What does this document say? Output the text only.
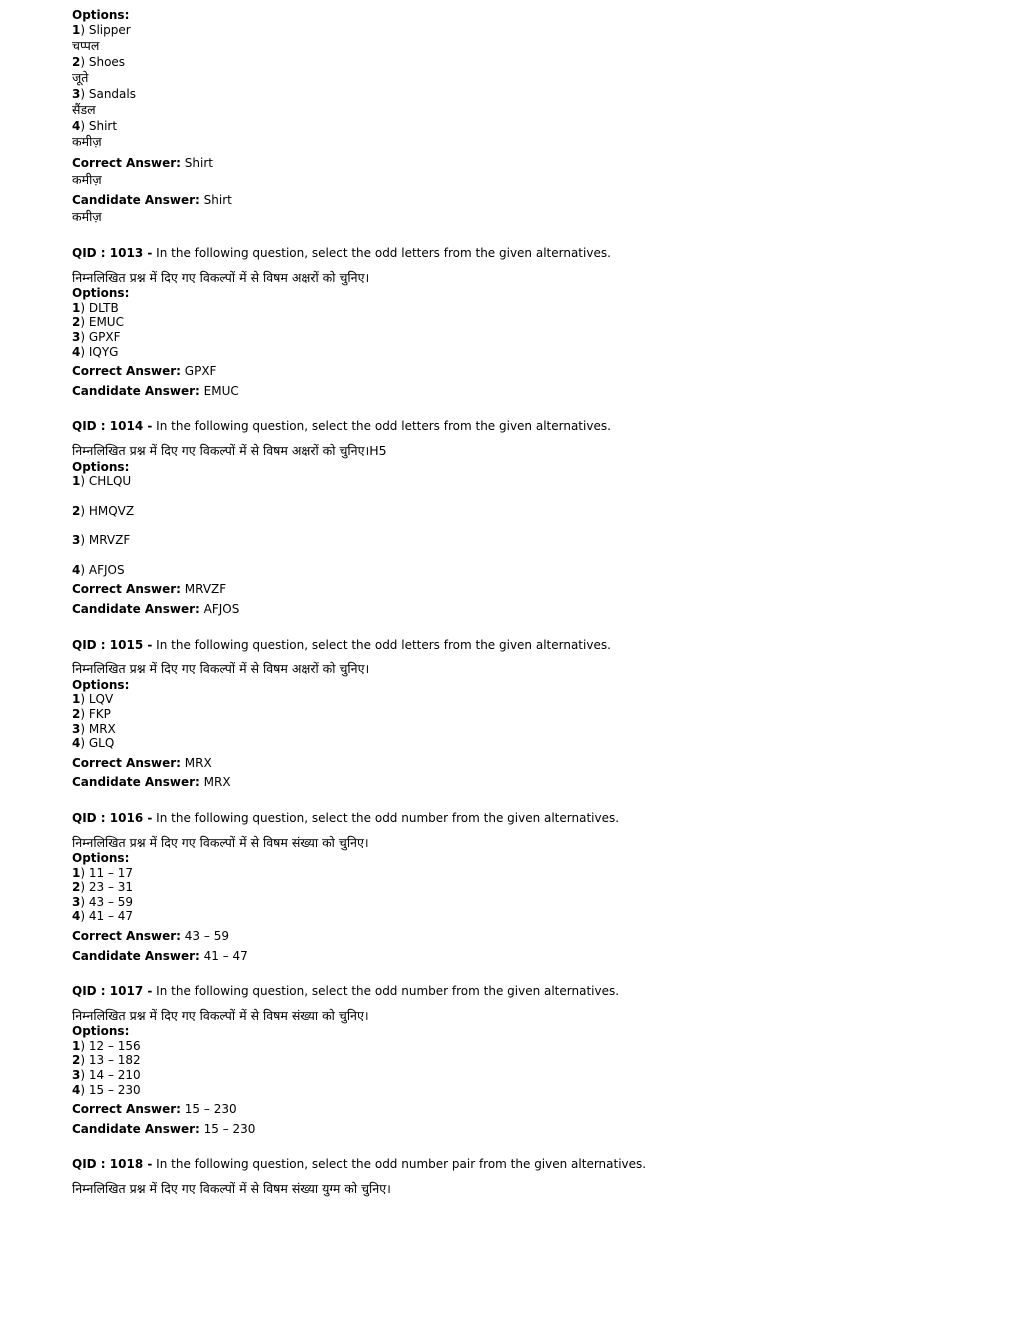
Options:
1) Slipper
चप्पल
2) Shoes
जूते
3) Sandals
सैंडल
4) Shirt
कमीज़
Correct Answer: Shirt
कमीज़
Candidate Answer: Shirt
कमीज़
QID : 1013 - In the following question, select the odd letters from the given alternatives.
निम्नलिखित प्रश्न में दिए गए विकल्पों में से विषम अक्षरों को चुनिए।
Options:
1) DLTB
2) EMUC
3) GPXF
4) IQYG
Correct Answer: GPXF
Candidate Answer: EMUC
QID : 1014 - In the following question, select the odd letters from the given alternatives.
निम्नलिखित प्रश्न में दिए गए विकल्पों में से विषम अक्षरों को चुनिए।H5
Options:
1) CHLQU
2) HMQVZ
3) MRVZF
4) AFJOS
Correct Answer: MRVZF
Candidate Answer: AFJOS
QID : 1015 - In the following question, select the odd letters from the given alternatives.
निम्नलिखित प्रश्न में दिए गए विकल्पों में से विषम अक्षरों को चुनिए।
Options:
1) LQV
2) FKP
3) MRX
4) GLQ
Correct Answer: MRX
Candidate Answer: MRX
QID : 1016 - In the following question, select the odd number from the given alternatives.
निम्नलिखित प्रश्न में दिए गए विकल्पों में से विषम संख्या को चुनिए।
Options:
1) 11 – 17
2) 23 – 31
3) 43 – 59
4) 41 – 47
Correct Answer: 43 – 59
Candidate Answer: 41 – 47
QID : 1017 - In the following question, select the odd number from the given alternatives.
निम्नलिखित प्रश्न में दिए गए विकल्पों में से विषम संख्या को चुनिए।
Options:
1) 12 – 156
2) 13 – 182
3) 14 – 210
4) 15 – 230
Correct Answer: 15 – 230
Candidate Answer: 15 – 230
QID : 1018 - In the following question, select the odd number pair from the given alternatives.
निम्नलिखित प्रश्न में दिए गए विकल्पों में से विषम संख्या युग्म को चुनिए।
